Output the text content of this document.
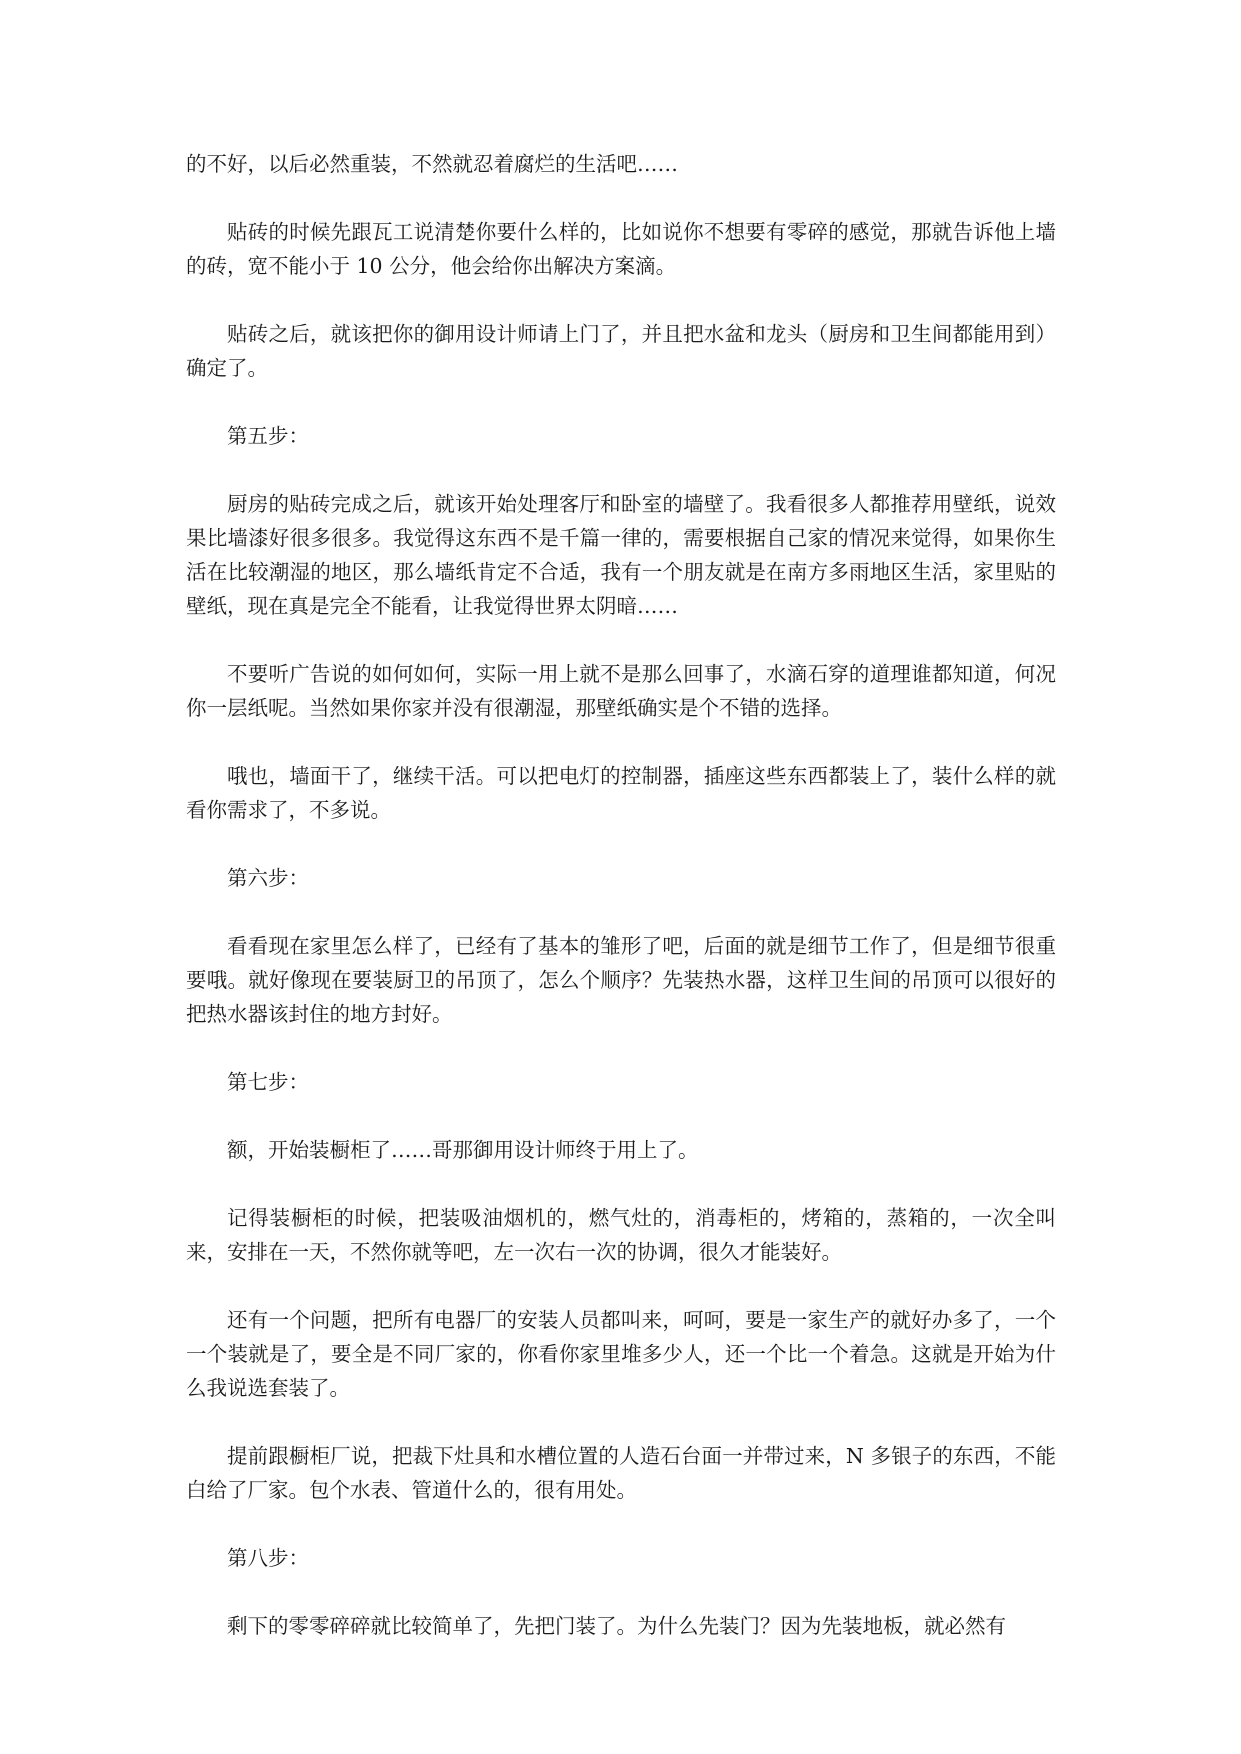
的不好，以后必然重装，不然就忍着腐烂的生活吧……

贴砖的时候先跟瓦工说清楚你要什么样的，比如说你不想要有零碎的感觉，那就告诉他上墙的砖，宽不能小于 10 公分，他会给你出解决方案滴。

贴砖之后，就该把你的御用设计师请上门了，并且把水盆和龙头（厨房和卫生间都能用到）确定了。

第五步：

厨房的贴砖完成之后，就该开始处理客厅和卧室的墙壁了。我看很多人都推荐用壁纸，说效果比墙漆好很多很多。我觉得这东西不是千篇一律的，需要根据自己家的情况来觉得，如果你生活在比较潮湿的地区，那么墙纸肯定不合适，我有一个朋友就是在南方多雨地区生活，家里贴的壁纸，现在真是完全不能看，让我觉得世界太阴暗……

不要听广告说的如何如何，实际一用上就不是那么回事了，水滴石穿的道理谁都知道，何况你一层纸呢。当然如果你家并没有很潮湿，那壁纸确实是个不错的选择。

哦也，墙面干了，继续干活。可以把电灯的控制器，插座这些东西都装上了，装什么样的就看你需求了，不多说。

第六步：

看看现在家里怎么样了，已经有了基本的雏形了吧，后面的就是细节工作了，但是细节很重要哦。就好像现在要装厨卫的吊顶了，怎么个顺序？先装热水器，这样卫生间的吊顶可以很好的把热水器该封住的地方封好。

第七步：

额，开始装橱柜了……哥那御用设计师终于用上了。

记得装橱柜的时候，把装吸油烟机的，燃气灶的，消毒柜的，烤箱的，蒸箱的，一次全叫来，安排在一天，不然你就等吧，左一次右一次的协调，很久才能装好。

还有一个问题，把所有电器厂的安装人员都叫来，呵呵，要是一家生产的就好办多了，一个一个装就是了，要全是不同厂家的，你看你家里堆多少人，还一个比一个着急。这就是开始为什么我说选套装了。

提前跟橱柜厂说，把裁下灶具和水槽位置的人造石台面一并带过来，N 多银子的东西，不能白给了厂家。包个水表、管道什么的，很有用处。

第八步：

剩下的零零碎碎就比较简单了，先把门装了。为什么先装门？因为先装地板，就必然有
